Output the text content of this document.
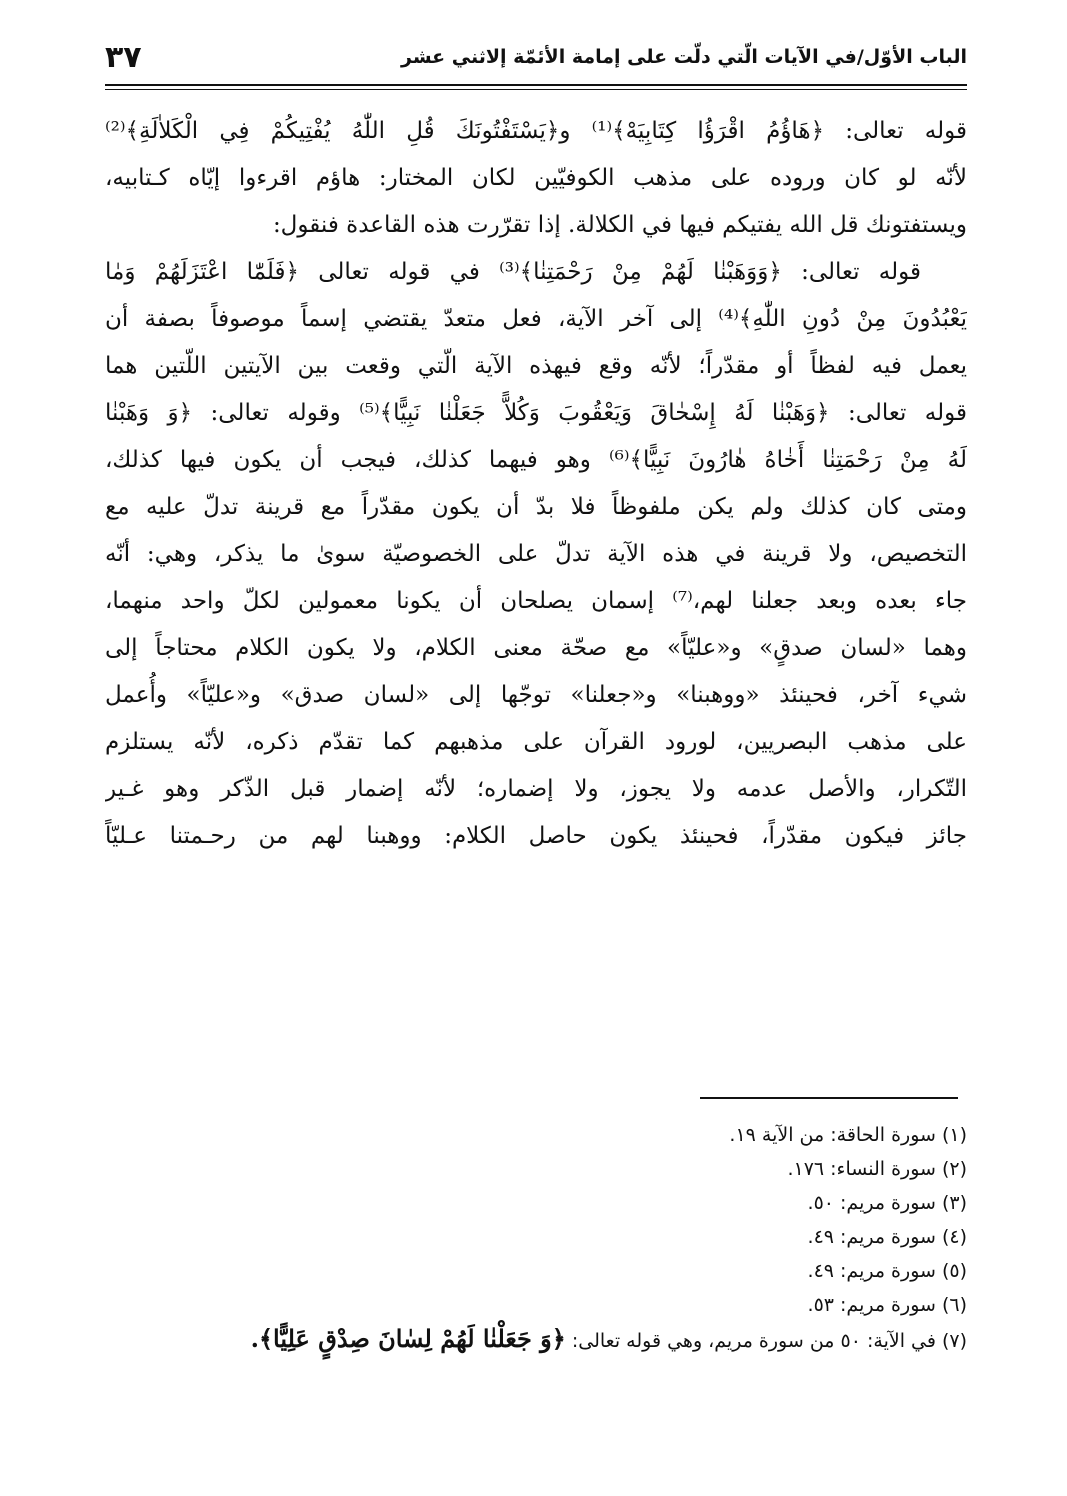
٣٧	الباب الأوّل/في الآيات الّتي دلّت على إمامة الأئمّة إلاثني عشر
قوله تعالى: ﴿هَاؤُمُ اقْرَؤُا كِتَابِيَهْ﴾⁽¹⁾ و﴿يَسْتَفْتُونَكَ قُلِ اللّٰهُ يُفْتِيكُمْ فِي الْكَلاٰلَةِ﴾⁽²⁾
لأنّه لو كان وروده على مذهب الكوفيّين لكان المختار: هاؤم اقرءوا إيّاه كـتابيه،
ويستفتونك قل الله يفتيكم فيها في الكلالة. إذا تقرّرت هذه القاعدة فنقول:
قوله تعالى: ﴿وَوَهَبْنٰا لَهُمْ مِنْ رَحْمَتِنٰا﴾⁽³⁾ في قوله تعالى ﴿فَلَمّٰا اعْتَزَلَهُمْ وَمٰا
يَعْبُدُونَ مِنْ دُونِ اللّٰهِ﴾⁽⁴⁾ إلى آخر الآية، فعل متعدّ يقتضي إسماً موصوفاً بصفة أن
يعمل فيه لفظاً أو مقدّراً؛ لأنّه وقع فيهذه الآية الّتي وقعت بين الآيتين اللّتين هما
قوله تعالى: ﴿وَهَبْنٰا لَهُ إِسْحٰاقَ وَيَعْقُوبَ وَكُلاًّ جَعَلْنٰا نَبِيًّا﴾⁽⁵⁾ وقوله تعالى: ﴿وَ وَهَبْنٰا
لَهُ مِنْ رَحْمَتِنٰا أَخٰاهُ هٰارُونَ نَبِيًّا﴾⁽⁶⁾ وهو فيهما كذلك، فيجب أن يكون فيها كذلك،
ومتى كان كذلك ولم يكن ملفوظاً فلا بدّ أن يكون مقدّراً مع قرينة تدلّ عليه مع
التخصيص، ولا قرينة في هذه الآية تدلّ على الخصوصيّة سوىٰ ما يذكر، وهي: أنّه
جاء بعده وبعد جعلنا لهم،⁽⁷⁾ إسمان يصلحان أن يكونا معمولين لكلّ واحد منهما،
وهما «لسان صدقٍ» و«عليّاً» مع صحّة معنى الكلام، ولا يكون الكلام محتاجاً إلى
شيء آخر، فحينئذ «ووهبنا» و«جعلنا» توجّها إلى «لسان صدق» و«عليّاً» وأُعمل
على مذهب البصريين، لورود القرآن على مذهبهم كما تقدّم ذكره، لأنّه يستلزم
التّكرار، والأصل عدمه ولا يجوز، ولا إضماره؛ لأنّه إضمار قبل الذّكر وهو غـير
جائز فيكون مقدّراً، فحينئذ يكون حاصل الكلام: ووهبنا لهم من رحـمتنا عـليّاً
(١)سورة الحاقة: من الآية ١٩.
(٢)سورة النساء: ١٧٦.
(٣)سورة مريم: ٥٠.
(٤)سورة مريم: ٤٩.
(٥)سورة مريم: ٤٩.
(٦)سورة مريم: ٥٣.
(٧)في الآية: ٥٠ من سورة مريم، وهي قوله تعالى: ﴿وَ جَعَلْنٰا لَهُمْ لِسٰانَ صِدْقٍ عَلِيًّا﴾.
